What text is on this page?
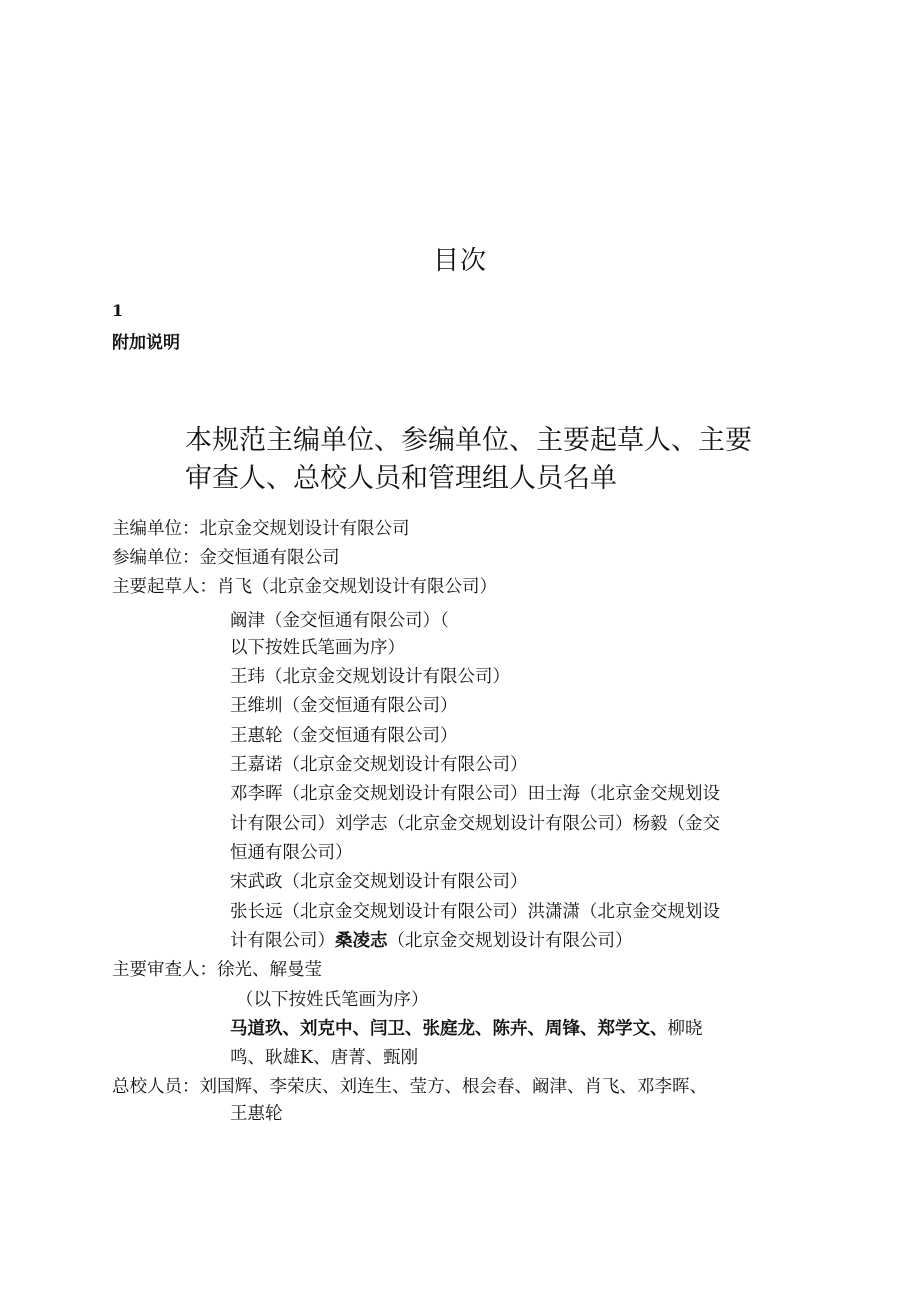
目次
1
附加说明
本规范主编单位、参编单位、主要起草人、主要
审查人、总校人员和管理组人员名单
主编单位：北京金交规划设计有限公司
参编单位：金交恒通有限公司
主要起草人：肖飞（北京金交规划设计有限公司）
阚津（金交恒通有限公司）（
以下按姓氏笔画为序）
王玮（北京金交规划设计有限公司）
王维圳（金交恒通有限公司）
王惠轮（金交恒通有限公司）
王嘉诺（北京金交规划设计有限公司）
邓李晖（北京金交规划设计有限公司）田士海（北京金交规划设
计有限公司）刘学志（北京金交规划设计有限公司）杨毅（金交
恒通有限公司）
宋武政（北京金交规划设计有限公司）
张长远（北京金交规划设计有限公司）洪潇潇（北京金交规划设
计有限公司）桑凌志（北京金交规划设计有限公司）
主要审查人：徐光、解曼莹
（以下按姓氏笔画为序）
马道玖、刘克中、闫卫、张庭龙、陈卉、周锋、郑学文、柳晓
鸣、耿雄K、唐菁、甄刚
总校人员：刘国辉、李荣庆、刘连生、莹方、根会春、阚津、肖飞、邓李晖、
王惠轮
